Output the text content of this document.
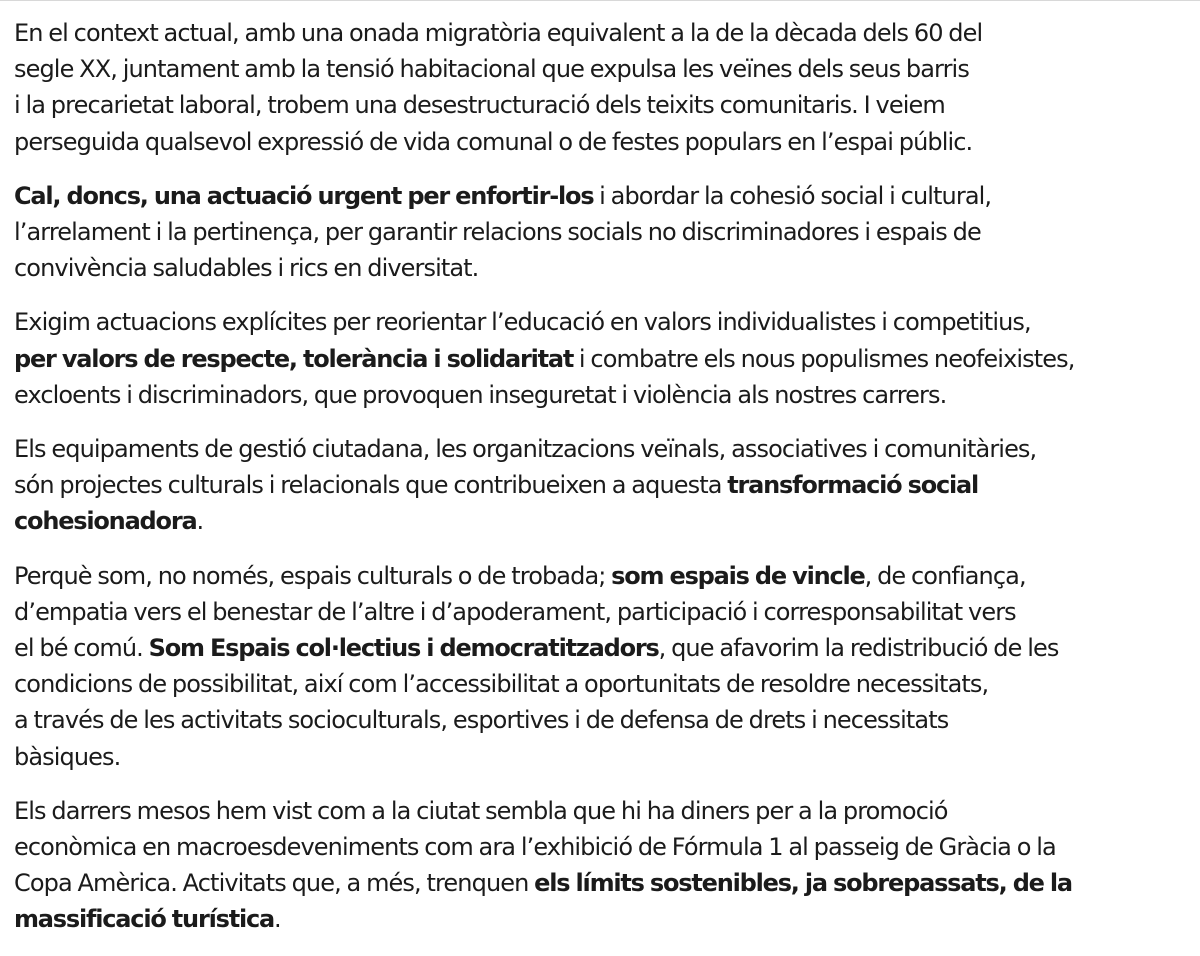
En el context actual, amb una onada migratòria equivalent a la de la dècada dels 60 del
segle XX, juntament amb la tensió habitacional que expulsa les veïnes dels seus barris
i la precarietat laboral, trobem una desestructuració dels teixits comunitaris. I veiem
perseguida qualsevol expressió de vida comunal o de festes populars en l’espai públic.

Cal, doncs, una actuació urgent per enfortir-los i abordar la cohesió social i cultural,
l’arrelament i la pertinença, per garantir relacions socials no discriminadores i espais de
convivència saludables i rics en diversitat.

Exigim actuacions explícites per reorientar l’educació en valors individualistes i competitius,
per valors de respecte, tolerància i solidaritat i combatre els nous populismes neofeixistes,
excloents i discriminadors, que provoquen inseguretat i violència als nostres carrers.

Els equipaments de gestió ciutadana, les organitzacions veïnals, associatives i comunitàries,
són projectes culturals i relacionals que contribueixen a aquesta transformació social
cohesionadora.

Perquè som, no només, espais culturals o de trobada; som espais de vincle, de confiança,
d’empatia vers el benestar de l’altre i d’apoderament, participació i corresponsabilitat vers
el bé comú. Som Espais col·lectius i democratitzadors, que afavorim la redistribució de les
condicions de possibilitat, així com l’accessibilitat a oportunitats de resoldre necessitats,
a través de les activitats socioculturals, esportives i de defensa de drets i necessitats
bàsiques.

Els darrers mesos hem vist com a la ciutat sembla que hi ha diners per a la promoció
econòmica en macroesdeveniments com ara l’exhibició de Fórmula 1 al passeig de Gràcia o la
Copa Amèrica. Activitats que, a més, trenquen els límits sostenibles, ja sobrepassats, de la
massificació turística.
